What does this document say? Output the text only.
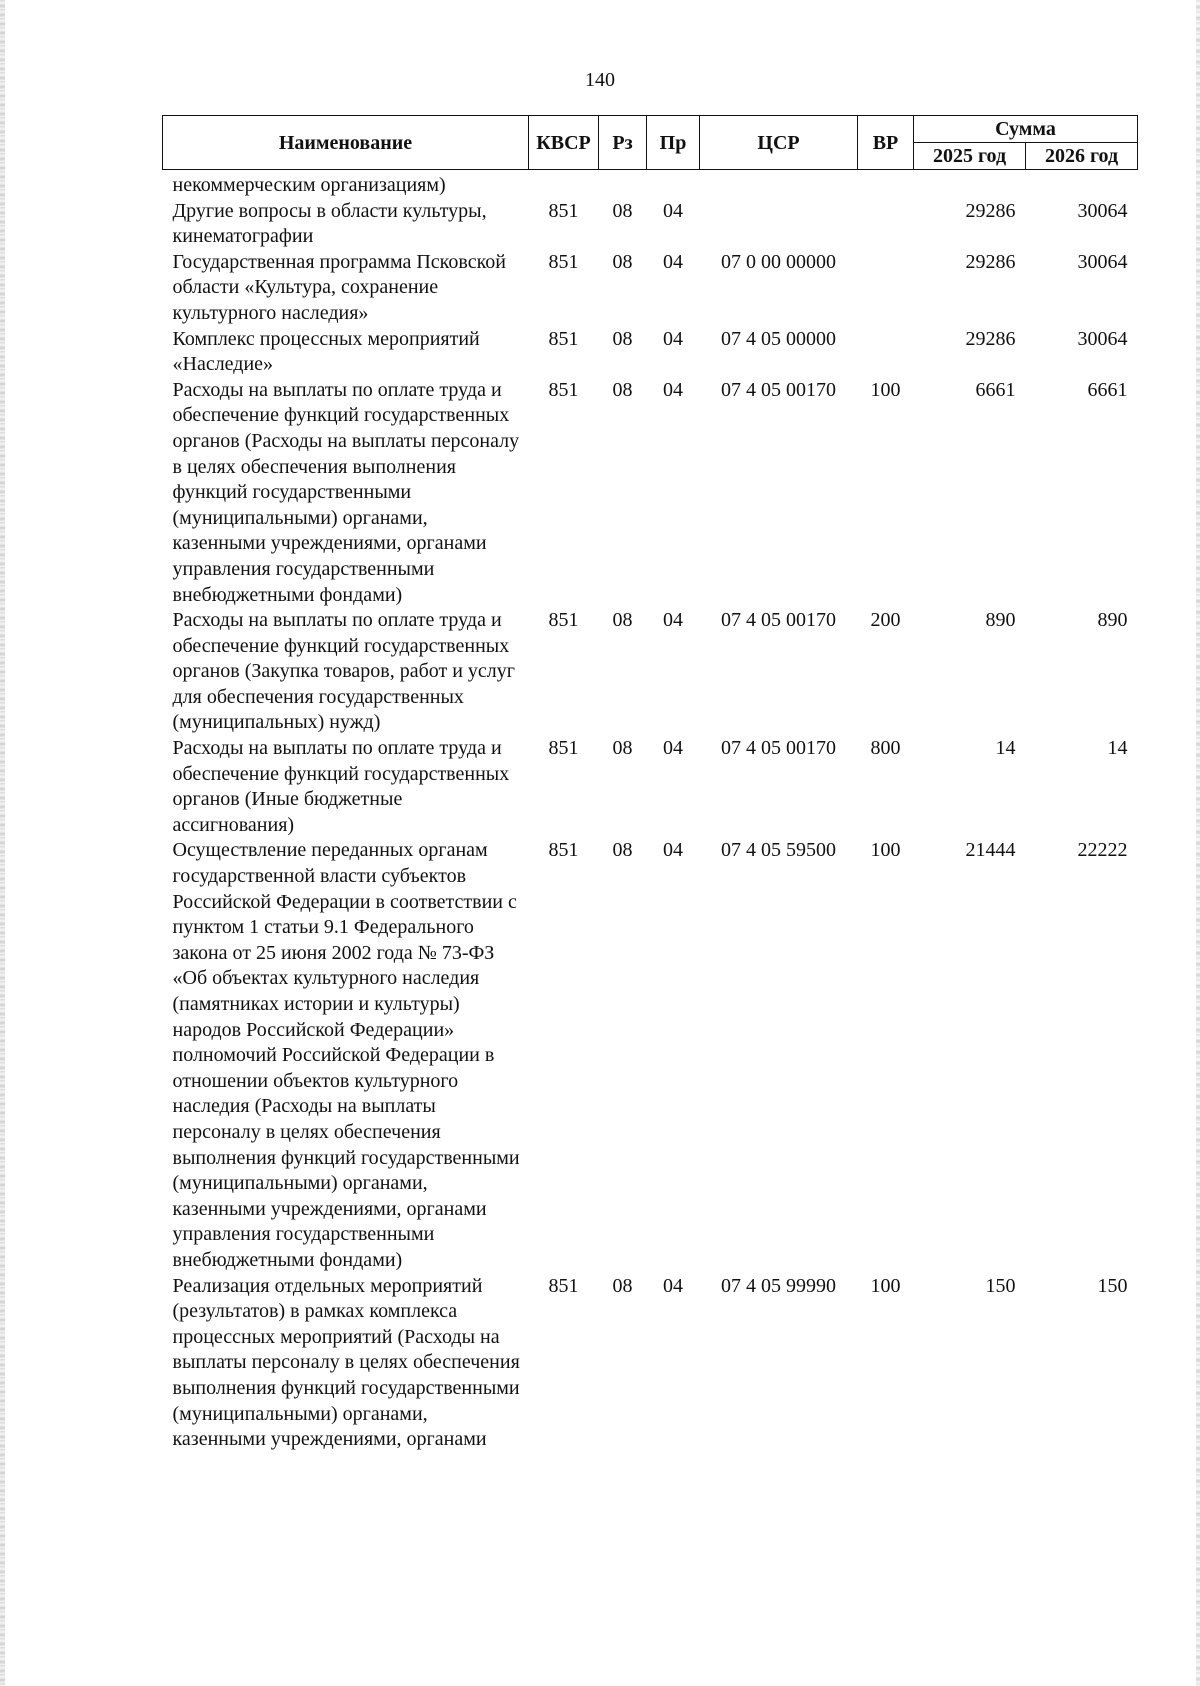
140
Наименование	КВСР	Рз	Пр	ЦСР	ВР	Сумма	
						2025 год	2026 год
некоммерческим организациям)							
Другие вопросы в области культуры, кинематографии	851	08	04			29286	30064
Государственная программа Псковской области «Культура, сохранение культурного наследия»	851	08	04	07 0 00 00000		29286	30064
Комплекс процессных мероприятий «Наследие»	851	08	04	07 4 05 00000		29286	30064
Расходы на выплаты по оплате труда и обеспечение функций государственных органов (Расходы на выплаты персоналу в целях обеспечения выполнения функций государственными (муниципальными) органами, казенными учреждениями, органами управления государственными внебюджетными фондами)	851	08	04	07 4 05 00170	100	6661	6661
Расходы на выплаты по оплате труда и обеспечение функций государственных органов (Закупка товаров, работ и услуг для обеспечения государственных (муниципальных) нужд)	851	08	04	07 4 05 00170	200	890	890
Расходы на выплаты по оплате труда и обеспечение функций государственных органов (Иные бюджетные ассигнования)	851	08	04	07 4 05 00170	800	14	14
Осуществление переданных органам государственной власти субъектов Российской Федерации в соответствии с пунктом 1 статьи 9.1 Федерального закона от 25 июня 2002 года № 73-ФЗ «Об объектах культурного наследия (памятниках истории и культуры) народов Российской Федерации» полномочий Российской Федерации в отношении объектов культурного наследия (Расходы на выплаты персоналу в целях обеспечения выполнения функций государственными (муниципальными) органами, казенными учреждениями, органами управления государственными внебюджетными фондами)	851	08	04	07 4 05 59500	100	21444	22222
Реализация отдельных мероприятий (результатов) в рамках комплекса процессных мероприятий (Расходы на выплаты персоналу в целях обеспечения выполнения функций государственными (муниципальными) органами, казенными учреждениями, органами	851	08	04	07 4 05 99990	100	150	150
